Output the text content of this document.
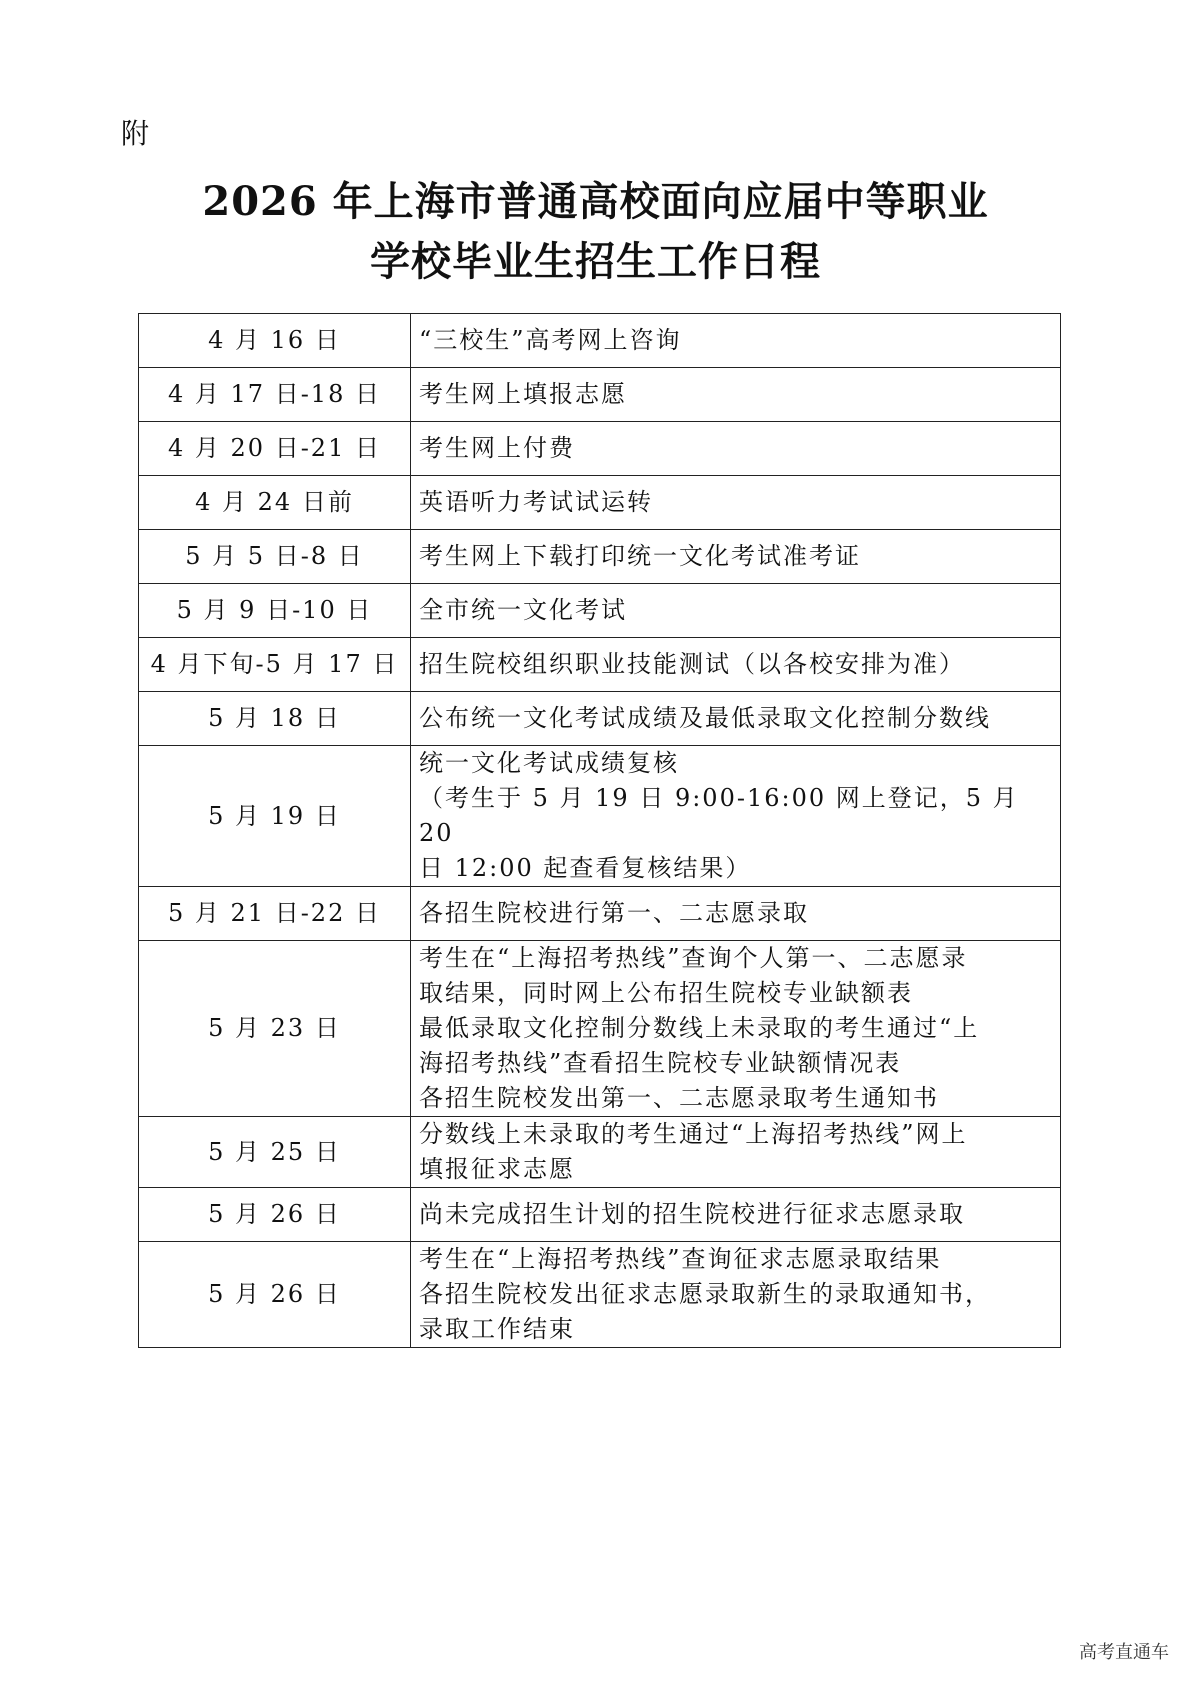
附
2026 年上海市普通高校面向应届中等职业
学校毕业生招生工作日程
4 月 16 日	“三校生”高考网上咨询

4 月 17 日-18 日	考生网上填报志愿

4 月 20 日-21 日	考生网上付费

4 月 24 日前	英语听力考试试运转

5 月 5 日-8 日	考生网上下载打印统一文化考试准考证

5 月 9 日-10 日	全市统一文化考试

4 月下旬-5 月 17 日	招生院校组织职业技能测试（以各校安排为准）

5 月 18 日	公布统一文化考试成绩及最低录取文化控制分数线

5 月 19 日	统一文化考试成绩复核
（考生于 5 月 19 日 9:00-16:00 网上登记，5 月 20
日 12:00 起查看复核结果）

5 月 21 日-22 日	各招生院校进行第一、二志愿录取

5 月 23 日	考生在“上海招考热线”查询个人第一、二志愿录
取结果，同时网上公布招生院校专业缺额表
最低录取文化控制分数线上未录取的考生通过“上
海招考热线”查看招生院校专业缺额情况表
各招生院校发出第一、二志愿录取考生通知书

5 月 25 日	分数线上未录取的考生通过“上海招考热线”网上
填报征求志愿

5 月 26 日	尚未完成招生计划的招生院校进行征求志愿录取

5 月 26 日	考生在“上海招考热线”查询征求志愿录取结果
各招生院校发出征求志愿录取新生的录取通知书，
录取工作结束
高考直通车
